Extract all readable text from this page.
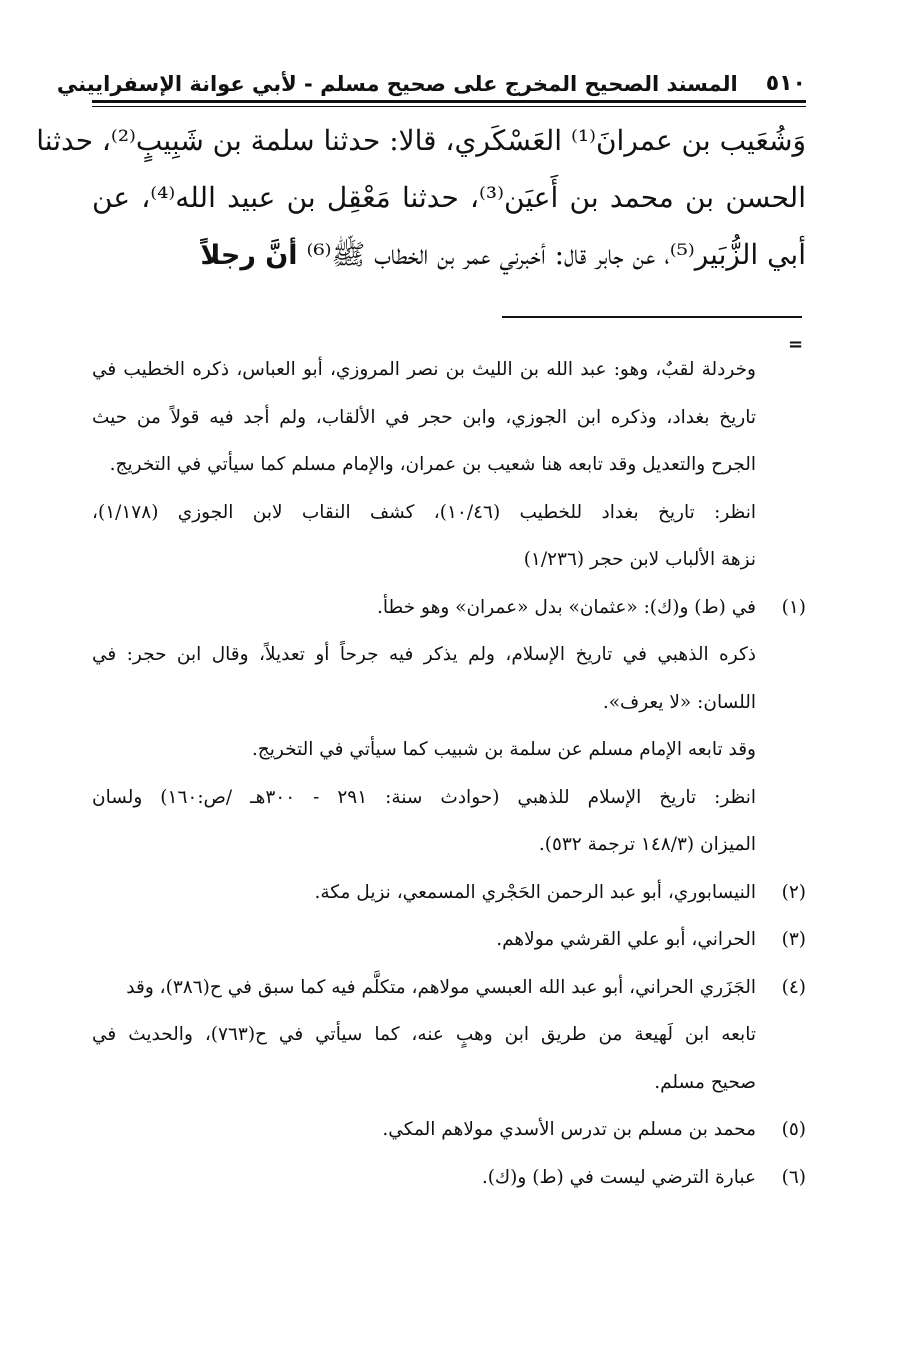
٥١٠
المسند الصحيح المخرج على صحيح مسلم - لأبي عوانة الإسفراييني
وَشُعَيب بن عمرانَ⁽¹⁾ العَسْكَري، قالا: حدثنا سلمة بن شَبِيبٍ⁽²⁾، حدثنا
الحسن بن محمد بن أَعيَن⁽³⁾، حدثنا مَعْقِل بن عبيد الله⁽⁴⁾، عن
أبي الزُّبَير⁽⁵⁾، عن جابر قال: أخبرني عمر بن الخطاب ﷺ⁽⁶⁾ أنَّ رجلاً
=
وخردلة لقبٌ، وهو: عبد الله بن الليث بن نصر المروزي، أبو العباس، ذكره الخطيب في
تاريخ بغداد، وذكره ابن الجوزي، وابن حجر في الألقاب، ولم أجد فيه قولاً من حيث
الجرح والتعديل وقد تابعه هنا شعيب بن عمران، والإمام مسلم كما سيأتي في التخريج.
انظر: تاريخ بغداد للخطيب (١٠/٤٦)، كشف النقاب لابن الجوزي (١/١٧٨)،
نزهة الألباب لابن حجر (١/٢٣٦)
(١)في (ط) و(ك): «عثمان» بدل «عمران» وهو خطأ.
ذكره الذهبي في تاريخ الإسلام، ولم يذكر فيه جرحاً أو تعديلاً، وقال ابن حجر: في
اللسان: «لا يعرف».
وقد تابعه الإمام مسلم عن سلمة بن شبيب كما سيأتي في التخريج.
انظر: تاريخ الإسلام للذهبي (حوادث سنة: ٢٩١ - ٣٠٠هـ /ص:١٦٠) ولسان
الميزان (١٤٨/٣ ترجمة ٥٣٢).
(٢)النيسابوري، أبو عبد الرحمن الحَجْري المسمعي، نزيل مكة.
(٣)الحراني، أبو علي القرشي مولاهم.
(٤)الجَزَري الحراني، أبو عبد الله العبسي مولاهم، متكلَّم فيه كما سبق في ح(٣٨٦)، وقد
تابعه ابن لَهيعة من طريق ابن وهبٍ عنه، كما سيأتي في ح(٧٦٣)، والحديث في
صحيح مسلم.
(٥)محمد بن مسلم بن تدرس الأسدي مولاهم المكي.
(٦)عبارة الترضي ليست في (ط) و(ك).
